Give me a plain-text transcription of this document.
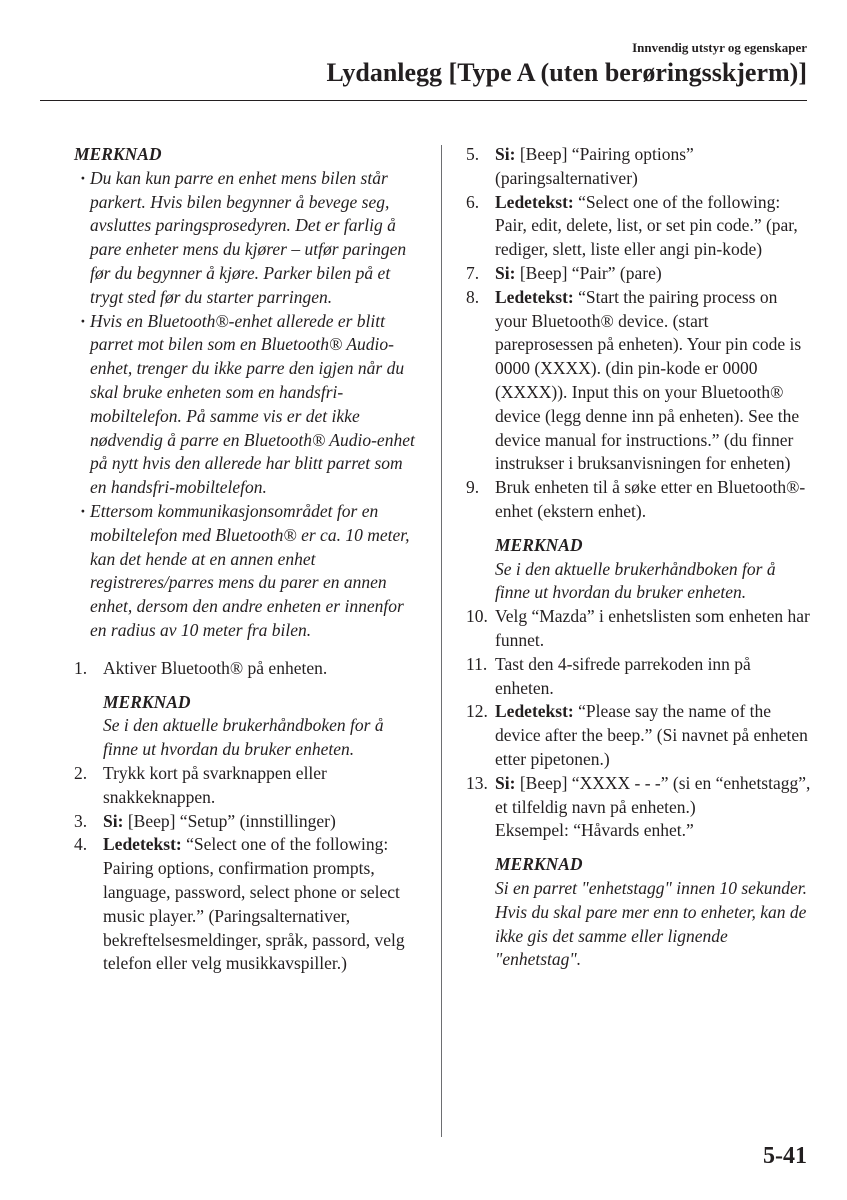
Innvendig utstyr og egenskaper
Lydanlegg [Type A (uten berøringsskjerm)]
MERKNAD
· Du kan kun parre en enhet mens bilen står parkert. Hvis bilen begynner å bevege seg, avsluttes paringsprosedyren. Det er farlig å pare enheter mens du kjører – utfør paringen før du begynner å kjøre. Parker bilen på et trygt sted før du starter parringen.
· Hvis en Bluetooth®-enhet allerede er blitt parret mot bilen som en Bluetooth® Audio-enhet, trenger du ikke parre den igjen når du skal bruke enheten som en handsfri-mobiltelefon. På samme vis er det ikke nødvendig å parre en Bluetooth® Audio-enhet på nytt hvis den allerede har blitt parret som en handsfri-mobiltelefon.
· Ettersom kommunikasjonsområdet for en mobiltelefon med Bluetooth® er ca. 10 meter, kan det hende at en annen enhet registreres/parres mens du parer en annen enhet, dersom den andre enheten er innenfor en radius av 10 meter fra bilen.
1. Aktiver Bluetooth® på enheten.
MERKNAD
Se i den aktuelle brukerhåndboken for å finne ut hvordan du bruker enheten.
2. Trykk kort på svarknappen eller snakkeknappen.
3. Si: [Beep] “Setup” (innstillinger)
4. Ledetekst: “Select one of the following: Pairing options, confirmation prompts, language, password, select phone or select music player.” (Paringsalternativer, bekreftelsesmeldinger, språk, passord, velg telefon eller velg musikkavspiller.)
5. Si: [Beep] “Pairing options” (paringsalternativer)
6. Ledetekst: “Select one of the following: Pair, edit, delete, list, or set pin code.” (par, rediger, slett, liste eller angi pin-kode)
7. Si: [Beep] “Pair” (pare)
8. Ledetekst: “Start the pairing process on your Bluetooth® device. (start pareprosessen på enheten). Your pin code is 0000 (XXXX). (din pin-kode er 0000 (XXXX)). Input this on your Bluetooth® device (legg denne inn på enheten). See the device manual for instructions.” (du finner instrukser i bruksanvisningen for enheten)
9. Bruk enheten til å søke etter en Bluetooth®-enhet (ekstern enhet).
MERKNAD
Se i den aktuelle brukerhåndboken for å finne ut hvordan du bruker enheten.
10. Velg “Mazda” i enhetslisten som enheten har funnet.
11. Tast den 4-sifrede parrekoden inn på enheten.
12. Ledetekst: “Please say the name of the device after the beep.” (Si navnet på enheten etter pipetonen.)
13. Si: [Beep] “XXXX - - -” (si en “enhetstagg”, et tilfeldig navn på enheten.)
Eksempel: “Håvards enhet.”
MERKNAD
Si en parret "enhetstagg" innen 10 sekunder.
Hvis du skal pare mer enn to enheter, kan de ikke gis det samme eller lignende "enhetstag".
5-41
